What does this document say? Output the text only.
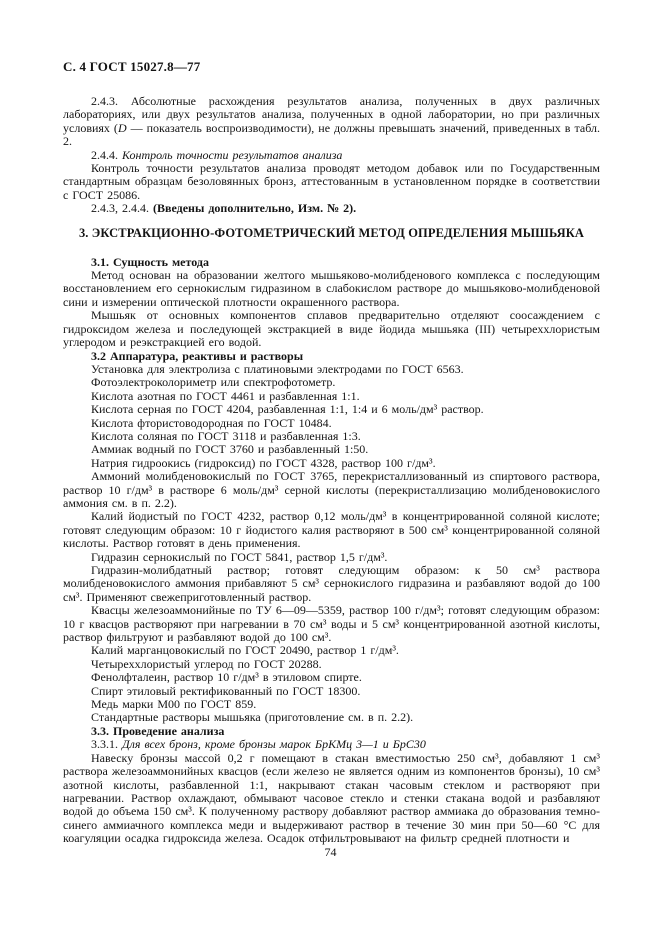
С. 4 ГОСТ 15027.8—77

2.4.3. Абсолютные расхождения результатов анализа, полученных в двух различных лабораториях, или двух результатов анализа, полученных в одной лаборатории, но при различных условиях (D — показатель воспроизводимости), не должны превышать значений, приведенных в табл. 2.

2.4.4. Контроль точности результатов анализа

Контроль точности результатов анализа проводят методом добавок или по Государственным стандартным образцам безоловянных бронз, аттестованным в установленном порядке в соответствии с ГОСТ 25086.

2.4.3, 2.4.4. (Введены дополнительно, Изм. № 2).

3. ЭКСТРАКЦИОННО-ФОТОМЕТРИЧЕСКИЙ МЕТОД ОПРЕДЕЛЕНИЯ МЫШЬЯКА

3.1. Сущность метода

Метод основан на образовании желтого мышьяково-молибденового комплекса с последующим восстановлением его сернокислым гидразином в слабокислом растворе до мышьяково-молибденовой сини и измерении оптической плотности окрашенного раствора.

Мышьяк от основных компонентов сплавов предварительно отделяют соосаждением с гидроксидом железа и последующей экстракцией в виде йодида мышьяка (III) четыреххлористым углеродом и реэкстракцией его водой.

3.2 Аппаратура, реактивы и растворы

Установка для электролиза с платиновыми электродами по ГОСТ 6563.

Фотоэлектроколориметр или спектрофотометр.

Кислота азотная по ГОСТ 4461 и разбавленная 1:1.

Кислота серная по ГОСТ 4204, разбавленная 1:1, 1:4 и 6 моль/дм³ раствор.

Кислота фтористоводородная по ГОСТ 10484.

Кислота соляная по ГОСТ 3118 и разбавленная 1:3.

Аммиак водный по ГОСТ 3760 и разбавленный 1:50.

Натрия гидроокись (гидроксид) по ГОСТ 4328, раствор 100 г/дм³.

Аммоний молибденовокислый по ГОСТ 3765, перекристаллизованный из спиртового раствора, раствор 10 г/дм³ в растворе 6 моль/дм³ серной кислоты (перекристаллизацию молибденовокислого аммония см. в п. 2.2).

Калий йодистый по ГОСТ 4232, раствор 0,12 моль/дм³ в концентрированной соляной кислоте; готовят следующим образом: 10 г йодистого калия растворяют в 500 см³ концентрированной соляной кислоты. Раствор готовят в день применения.

Гидразин сернокислый по ГОСТ 5841, раствор 1,5 г/дм³.

Гидразин-молибдатный раствор; готовят следующим образом: к 50 см³ раствора молибденовокислого аммония прибавляют 5 см³ сернокислого гидразина и разбавляют водой до 100 см³. Применяют свежеприготовленный раствор.

Квасцы железоаммонийные по ТУ 6—09—5359, раствор 100 г/дм³; готовят следующим образом: 10 г квасцов растворяют при нагревании в 70 см³ воды и 5 см³ концентрированной азотной кислоты, раствор фильтруют и разбавляют водой до 100 см³.

Калий марганцовокислый по ГОСТ 20490, раствор 1 г/дм³.

Четыреххлористый углерод по ГОСТ 20288.

Фенолфталеин, раствор 10 г/дм³ в этиловом спирте.

Спирт этиловый ректификованный по ГОСТ 18300.

Медь марки М00 по ГОСТ 859.

Стандартные растворы мышьяка (приготовление см. в п. 2.2).

3.3. Проведение анализа

3.3.1. Для всех бронз, кроме бронзы марок БрКМц 3—1 и БрС30

Навеску бронзы массой 0,2 г помещают в стакан вместимостью 250 см³, добавляют 1 см³ раствора железоаммонийных квасцов (если железо не является одним из компонентов бронзы), 10 см³ азотной кислоты, разбавленной 1:1, накрывают стакан часовым стеклом и растворяют при нагревании. Раствор охлаждают, обмывают часовое стекло и стенки стакана водой и разбавляют водой до объема 150 см³. К полученному раствору добавляют раствор аммиака до образования темно-синего аммиачного комплекса меди и выдерживают раствор в течение 30 мин при 50—60 °С для коагуляции осадка гидроксида железа. Осадок отфильтровывают на фильтр средней плотности и

74
